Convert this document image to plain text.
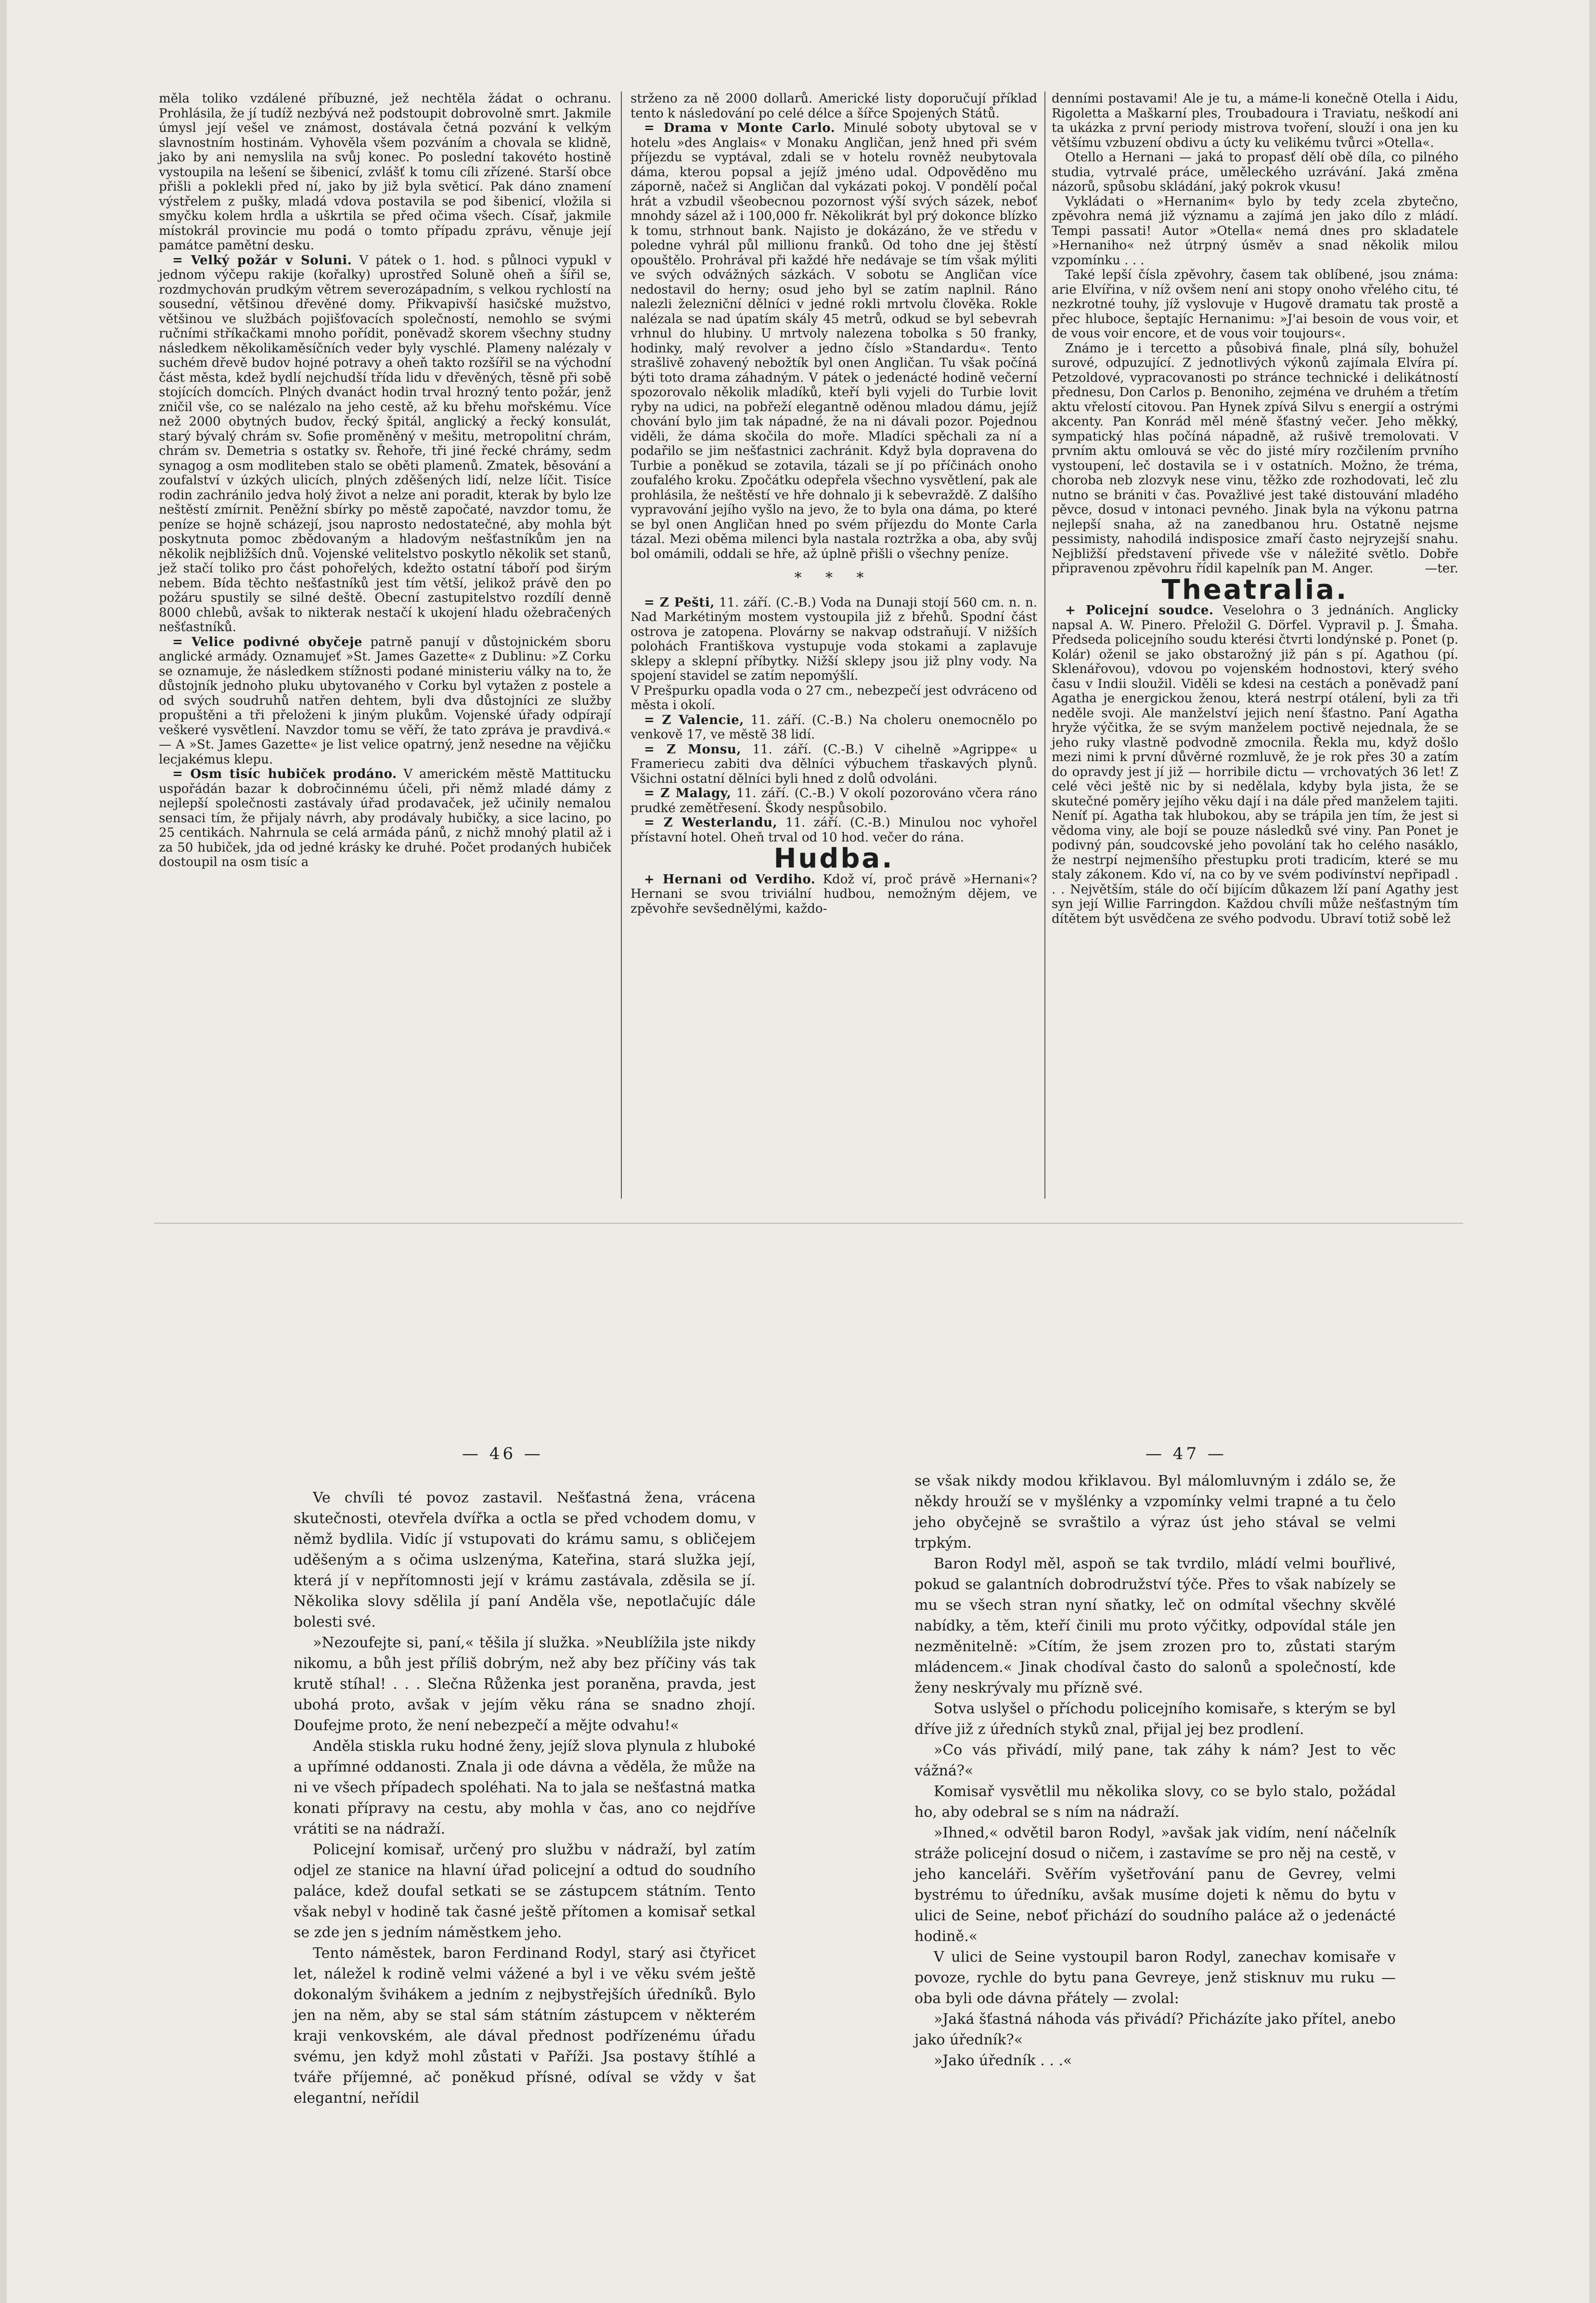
měla toliko vzdálené příbuzné, jež nechtěla žádat o ochranu. Prohlásila, že jí tudíž nezbývá než podstoupit dobrovolně smrt. Jakmile úmysl její vešel ve známost, dostávala četná pozvání k velkým slavnostním hostinám. Vyhověla všem pozváním a chovala se klidně, jako by ani nemyslila na svůj konec. Po poslední takovéto hostině vystoupila na lešení se šibenicí, zvlášť k tomu cíli zřízené. Starší obce přišli a poklekli před ní, jako by již byla světicí. Pak dáno znamení výstřelem z pušky, mladá vdova postavila se pod šibenicí, vložila si smyčku kolem hrdla a uškrtila se před očima všech. Císař, jakmile místokrál provincie mu podá o tomto případu zprávu, věnuje její památce pamětní desku.

= Velký požár v Soluni. V pátek o 1. hod. s půlnoci vypukl v jednom výčepu rakije (kořalky) uprostřed Soluně oheň a šířil se, rozdmychován prudkým větrem severozápadním, s velkou rychlostí na sousední, většinou dřevěné domy. Přikvapivší hasičské mužstvo, většinou ve službách pojišťovacích společností, nemohlo se svými ručními stříkačkami mnoho pořídit, poněvadž skorem všechny studny následkem několikaměsíčních veder byly vyschlé. Plameny nalézaly v suchém dřevě budov hojné potravy a oheň takto rozšířil se na východní část města, kdež bydlí nejchudší třída lidu v dřevěných, těsně při sobě stojících domcích. Plných dvanáct hodin trval hrozný tento požár, jenž zničil vše, co se nalézalo na jeho cestě, až ku břehu mořskému. Více než 2000 obytných budov, řecký špitál, anglický a řecký konsulát, starý bývalý chrám sv. Sofie proměněný v mešitu, metropolitní chrám, chrám sv. Demetria s ostatky sv. Řehoře, tři jiné řecké chrámy, sedm synagog a osm modliteben stalo se oběti plamenů. Zmatek, běsování a zoufalství v úzkých ulicích, plných zděšených lidí, nelze líčit. Tisíce rodin zachránilo jedva holý život a nelze ani poradit, kterak by bylo lze neštěstí zmírnit. Peněžní sbírky po městě započaté, navzdor tomu, že peníze se hojně scházejí, jsou naprosto nedostatečné, aby mohla být poskytnuta pomoc zbědovaným a hladovým nešťastníkům jen na několik nejbližších dnů. Vojenské velitelstvo poskytlo několik set stanů, jež stačí toliko pro část pohořelých, kdežto ostatní táboří pod širým nebem. Bída těchto nešťastníků jest tím větší, jelikož právě den po požáru spustily se silné deště. Obecní zastupitelstvo rozdílí denně 8000 chlebů, avšak to nikterak nestačí k ukojení hladu ožebračených nešťastníků.

= Velice podivné obyčeje patrně panují v důstojnickém sboru anglické armády. Oznamujeť »St. James Gazette« z Dublinu: »Z Corku se oznamuje, že následkem stížnosti podané ministeriu války na to, že důstojník jednoho pluku ubytovaného v Corku byl vytažen z postele a od svých soudruhů natřen dehtem, byli dva důstojníci ze služby propuštěni a tři přeloženi k jiným plukům. Vojenské úřady odpírají veškeré vysvětlení. Navzdor tomu se věří, že tato zpráva je pravdivá.« — A »St. James Gazette« je list velice opatrný, jenž nesedne na vějičku lecjakémus klepu.

= Osm tisíc hubiček prodáno. V americkém městě Mattitucku uspořádán bazar k dobročinnému účeli, při němž mladé dámy z nejlepší společnosti zastávaly úřad prodavaček, jež učinily nemalou sensaci tím, že přijaly návrh, aby prodávaly hubičky, a sice lacino, po 25 centikách. Nahrnula se celá armáda pánů, z nichž mnohý platil až i za 50 hubiček, jda od jedné krásky ke druhé. Počet prodaných hubiček dostoupil na osm tisíc a

strženo za ně 2000 dollarů. Americké listy doporučují příklad tento k následování po celé délce a šířce Spojených Států.

= Drama v Monte Carlo. Minulé soboty ubytoval se v hotelu »des Anglais« v Monaku Angličan, jenž hned při svém příjezdu se vyptával, zdali se v hotelu rovněž neubytovala dáma, kterou popsal a jejíž jméno udal. Odpověděno mu záporně, načež si Angličan dal vykázati pokoj. V pondělí počal hrát a vzbudil všeobecnou pozornost výší svých sázek, neboť mnohdy sázel až i 100,000 fr. Několikrát byl prý dokonce blízko k tomu, strhnout bank. Najisto je dokázáno, že ve středu v poledne vyhrál půl millionu franků. Od toho dne jej štěstí opouštělo. Prohrával při každé hře nedávaje se tím však mýliti ve svých odvážných sázkách. V sobotu se Angličan více nedostavil do herny; osud jeho byl se zatím naplnil. Ráno nalezli železniční dělníci v jedné rokli mrtvolu člověka. Rokle nalézala se nad úpatím skály 45 metrů, odkud se byl sebevrah vrhnul do hlubiny. U mrtvoly nalezena tobolka s 50 franky, hodinky, malý revolver a jedno číslo »Standardu«. Tento strašlivě zohavený nebožtík byl onen Angličan. Tu však počíná býti toto drama záhadným. V pátek o jedenácté hodině večerní spozorovalo několik mladíků, kteří byli vyjeli do Turbie lovit ryby na udici, na pobřeží elegantně oděnou mladou dámu, jejíž chování bylo jim tak nápadné, že na ni dávali pozor. Pojednou viděli, že dáma skočila do moře. Mladíci spěchali za ní a podařilo se jim nešťastnici zachránit. Když byla dopravena do Turbie a poněkud se zotavila, tázali se jí po příčinách onoho zoufalého kroku. Zpočátku odepřela všechno vysvětlení, pak ale prohlásila, že neštěstí ve hře dohnalo ji k sebevraždě. Z dalšího vypravování jejího vyšlo na jevo, že to byla ona dáma, po které se byl onen Angličan hned po svém příjezdu do Monte Carla tázal. Mezi oběma milenci byla nastala roztržka a oba, aby svůj bol omámili, oddali se hře, až úplně přišli o všechny peníze.

* * *

= Z Pešti, 11. září. (C.-B.) Voda na Dunaji stojí 560 cm. n. n. Nad Markétiným mostem vystoupila již z břehů. Spodní část ostrova je zatopena. Plovárny se nakvap odstraňují. V nižších polohách Františkova vystupuje voda stokami a zaplavuje sklepy a sklepní příbytky. Nižší sklepy jsou již plny vody. Na spojení stavidel se zatím nepomýšlí.

V Prešpurku opadla voda o 27 cm., nebezpečí jest odvráceno od města i okolí.

= Z Valencie, 11. září. (C.-B.) Na choleru onemocnělo po venkově 17, ve městě 38 lidí.

= Z Monsu, 11. září. (C.-B.) V cihelně »Agrippe« u Framerieсu zabiti dva dělníci výbuchem třaskavých plynů. Všichni ostatní dělníci byli hned z dolů odvoláni.

= Z Malagy, 11. září. (C.-B.) V okolí pozorováno včera ráno prudké zemětřesení. Škody nespůsobilo.

= Z Westerlandu, 11. září. (C.-B.) Minulou noc vyhořel přístavní hotel. Oheň trval od 10 hod. večer do rána.

Hudba.

+ Hernani od Verdiho. Kdož ví, proč právě »Hernani«? Hernani se svou triviální hudbou, nemožným dějem, ve zpěvohře sevšednělými, každo-

denními postavami! Ale je tu, a máme-li konečně Otella i Aidu, Rigoletta a Maškarní ples, Troubadoura i Traviatu, neškodí ani ta ukázka z první periody mistrova tvoření, slouží i ona jen ku většímu vzbuzení obdivu a úcty ku velikému tvůrci »Otella«.

Otello a Hernani — jaká to propasť dělí obě díla, co pilného studia, vytrvalé práce, uměleckého uzrávání. Jaká změna názorů, spůsobu skládání, jaký pokrok vkusu!

Vykládati o »Hernanim« bylo by tedy zcela zbytečno, zpěvohra nemá již významu a zajímá jen jako dílo z mládí. Tempi passati! Autor »Otella« nemá dnes pro skladatele »Hernaniho« než útrpný úsměv a snad několik milou vzpomínku . . .

Také lepší čísla zpěvohry, časem tak oblíbené, jsou známa: arie Elvířina, v níž ovšem není ani stopy onoho vřelého citu, té nezkrotné touhy, jíž vyslovuje v Hugově dramatu tak prostě a přec hluboce, šeptajíc Hernanimu: »J'ai besoin de vous voir, et de vous voir encore, et de vous voir toujours«.

Známo je i tercetto a působivá finale, plná síly, bohužel surové, odpuzující. Z jednotlivých výkonů zajímala Elvíra pí. Petzoldové, vypracovanosti po stránce technické i delikátností přednesu, Don Carlos p. Benoniho, zejména ve druhém a třetím aktu vřelostí citovou. Pan Hynek zpívá Silvu s energií a ostrými akcenty. Pan Konrád měl méně šťastný večer. Jeho měkký, sympatický hlas počíná nápadně, až rušivě tremolovati. V prvním aktu omlouvá se věc do jisté míry rozčilením prvního vystoupení, leč dostavila se i v ostatních. Možno, že tréma, choroba neb zlozvyk nese vinu, těžko zde rozhodovati, leč zlu nutno se brániti v čas. Považlivé jest také distouvání mladého pěvce, dosud v intonaci pevného. Jinak byla na výkonu patrna nejlepší snaha, až na zanedbanou hru. Ostatně nejsme pessimisty, nahodilá indisposice zmaří často nejryzejší snahu. Nejbližší představení přivede vše v náležité světlo. Dobře připravenou zpěvohru řídil kapelník pan M. Anger.	—ter.

Theatralia.

+ Policejní soudce. Veselohra o 3 jednáních. Anglicky napsal A. W. Pinero. Přeložil G. Dörfel. Vypravil p. J. Šmaha. Předseda policejního soudu kterési čtvrti londýnské p. Ponet (p. Kolár) oženil se jako obstarožný již pán s pí. Agathou (pí. Sklenářovou), vdovou po vojenském hodnostovi, který svého času v Indii sloužil. Viděli se kdesi na cestách a poněvadž paní Agatha je energickou ženou, která nestrpí otálení, byli za tři neděle svoji. Ale manželství jejich není šťastno. Paní Agatha hryže výčitka, že se svým manželem poctivě nejednala, že se jeho ruky vlastně podvodně zmocnila. Řekla mu, když došlo mezi nimi k první důvěrné rozmluvě, že je rok přes 30 a zatím do opravdy jest jí již — horribile dictu — vrchovatých 36 let! Z celé věci ještě nic by si nedělala, kdyby byla jista, že se skutečné poměry jejího věku dají i na dále před manželem tajiti. Neníť pí. Agatha tak hlubokou, aby se trápila jen tím, že jest si vědoma viny, ale bojí se pouze následků své viny. Pan Ponet je podivný pán, soudcovské jeho povolání tak ho celého nasáklo, že nestrpí nejmenšího přestupku proti tradicím, které se mu staly zákonem. Kdo ví, na co by ve svém podivínství nepřipadl . . . Největším, stále do očí bijícím důkazem lží paní Agathy jest syn její Willie Farringdon. Každou chvíli může nešťastným tím dítětem být usvědčena ze svého podvodu. Ubraví totiž sobě lež

— 46 —	— 47 —

Ve chvíli té povoz zastavil. Nešťastná žena, vrácena skutečnosti, otevřela dvířka a octla se před vchodem domu, v němž bydlila. Vidíc jí vstupovati do krámu samu, s obličejem uděšeným a s očima uslzenýma, Kateřina, stará služka její, která jí v nepřítomnosti její v krámu zastávala, zděsila se jí. Několika slovy sdělila jí paní Anděla vše, nepotlačujíc dále bolesti své.

»Nezoufejte si, paní,« těšila jí služka. »Neublížila jste nikdy nikomu, a bůh jest příliš dobrým, než aby bez příčiny vás tak krutě stíhal! . . . Slečna Růženka jest poraněna, pravda, jest ubohá proto, avšak v jejím věku rána se snadno zhojí. Doufejme proto, že není nebezpečí a mějte odvahu!«

Anděla stiskla ruku hodné ženy, jejíž slova plynula z hluboké a upřímné oddanosti. Znala ji ode dávna a věděla, že může na ni ve všech případech spoléhati. Na to jala se nešťastná matka konati přípravy na cestu, aby mohla v čas, ano co nejdříve vrátiti se na nádraží.

Policejní komisař, určený pro službu v nádraží, byl zatím odjel ze stanice na hlavní úřad policejní a odtud do soudního paláce, kdež doufal setkati se se zástupcem státním. Tento však nebyl v hodině tak časné ještě přítomen a komisař setkal se zde jen s jedním náměstkem jeho.

Tento náměstek, baron Ferdinand Rodyl, starý asi čtyřicet let, náležel k rodině velmi vážené a byl i ve věku svém ještě dokonalým švihákem a jedním z nejbystřejších úředníků. Bylo jen na něm, aby se stal sám státním zástupcem v některém kraji venkovském, ale dával přednost podřízenému úřadu svému, jen když mohl zůstati v Paříži. Jsa postavy štíhlé a tváře příjemné, ač poněkud přísné, odíval se vždy v šat elegantní, neřídil

se však nikdy modou křiklavou. Byl málomluvným i zdálo se, že někdy hrouží se v myšlénky a vzpomínky velmi trapné a tu čelo jeho obyčejně se svraštilo a výraz úst jeho stával se velmi trpkým.

Baron Rodyl měl, aspoň se tak tvrdilo, mládí velmi bouřlivé, pokud se galantních dobrodružství týče. Přes to však nabízely se mu se všech stran nyní sňatky, leč on odmítal všechny skvělé nabídky, a těm, kteří činili mu proto výčitky, odpovídal stále jen nezměnitelně: »Cítím, že jsem zrozen pro to, zůstati starým mládencem.« Jinak chodíval často do salonů a společností, kde ženy neskrývaly mu přízně své.

Sotva uslyšel o příchodu policejního komisaře, s kterým se byl dříve již z úředních styků znal, přijal jej bez prodlení.

»Co vás přivádí, milý pane, tak záhy k nám? Jest to věc vážná?«

Komisař vysvětlil mu několika slovy, co se bylo stalo, požádal ho, aby odebral se s ním na nádraží.

»Ihned,« odvětil baron Rodyl, »avšak jak vidím, není náčelník stráže policejní dosud o ničem, i zastavíme se pro něj na cestě, v jeho kanceláři. Svěřím vyšetřování panu de Gevrey, velmi bystrému to úředníku, avšak musíme dojeti k němu do bytu v ulici de Seine, neboť přichází do soudního paláce až o jedenácté hodině.«

V ulici de Seine vystoupil baron Rodyl, zanechav komisaře v povoze, rychle do bytu pana Gevreye, jenž stisknuv mu ruku — oba byli ode dávna přátely — zvolal:

»Jaká šťastná náhoda vás přivádí? Přicházíte jako přítel, anebo jako úředník?«

»Jako úředník . . .«
